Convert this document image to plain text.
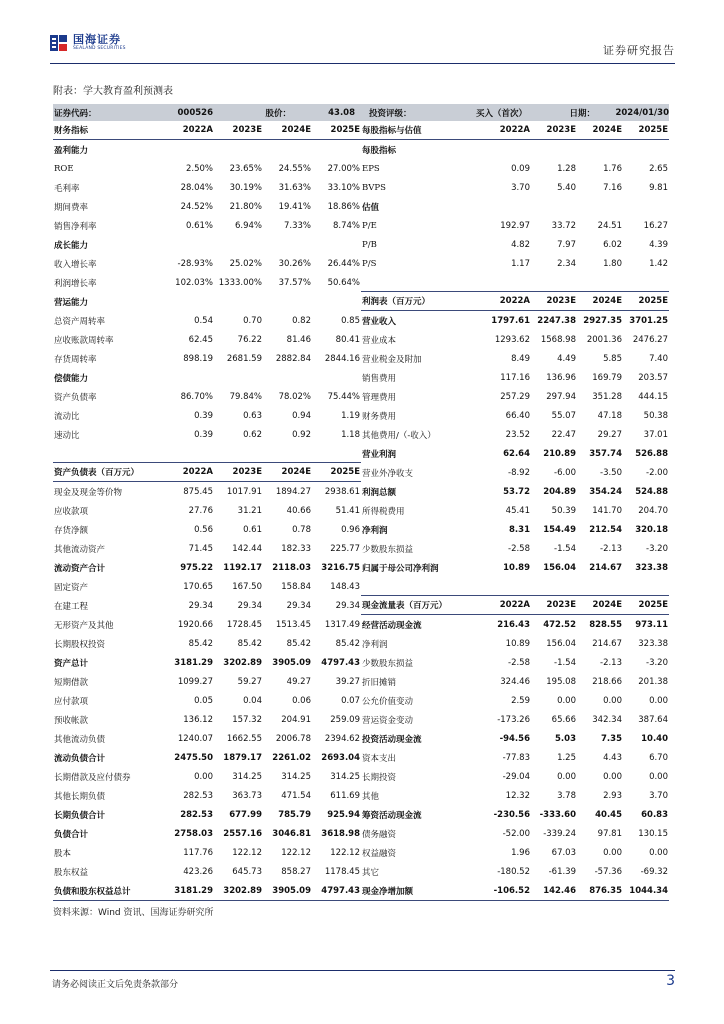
国海证券
SEALAND SECURITIES	证券研究报告
附表：学大教育盈利预测表
证券代码：	000526	股价：	43.08	投资评级：	买入（首次）	日期：	2024/01/30
财务指标	2022A	2023E	2024E	2025E
盈利能力
ROE	2.50%	23.65%	24.55%	27.00%
毛利率	28.04%	30.19%	31.63%	33.10%
期间费率	24.52%	21.80%	19.41%	18.86%
销售净利率	0.61%	6.94%	7.33%	8.74%
成长能力
收入增长率	-28.93%	25.02%	30.26%	26.44%
利润增长率	102.03% 1333.00%	37.57%	50.64%
营运能力
总资产周转率	0.54	0.70	0.82	0.85
应收账款周转率	62.45	76.22	81.46	80.41
存货周转率	898.19	2681.59	2882.84	2844.16
偿债能力
资产负债率	86.70%	79.84%	78.02%	75.44%
流动比	0.39	0.63	0.94	1.19
速动比	0.39	0.62	0.92	1.18
资产负债表（百万元）	2022A	2023E	2024E	2025E
现金及现金等价物	875.45	1017.91	1894.27	2938.61
应收款项	27.76	31.21	40.66	51.41
存货净额	0.56	0.61	0.78	0.96
其他流动资产	71.45	142.44	182.33	225.77
流动资产合计	975.22	1192.17	2118.03	3216.75
固定资产	170.65	167.50	158.84	148.43
在建工程	29.34	29.34	29.34	29.34
无形资产及其他	1920.66	1728.45	1513.45	1317.49
长期股权投资	85.42	85.42	85.42	85.42
资产总计	3181.29	3202.89	3905.09	4797.43
短期借款	1099.27	59.27	49.27	39.27
应付款项	0.05	0.04	0.06	0.07
预收帐款	136.12	157.32	204.91	259.09
其他流动负债	1240.07	1662.55	2006.78	2394.62
流动负债合计	2475.50	1879.17	2261.02	2693.04
长期借款及应付债券	0.00	314.25	314.25	314.25
其他长期负债	282.53	363.73	471.54	611.69
长期负债合计	282.53	677.99	785.79	925.94
负债合计	2758.03	2557.16	3046.81	3618.98
股本	117.76	122.12	122.12	122.12
股东权益	423.26	645.73	858.27	1178.45
负债和股东权益总计	3181.29	3202.89	3905.09	4797.43
每股指标与估值	2022A	2023E	2024E	2025E
每股指标
EPS	0.09	1.28	1.76	2.65
BVPS	3.70	5.40	7.16	9.81
估值
P/E	192.97	33.72	24.51	16.27
P/B	4.82	7.97	6.02	4.39
P/S	1.17	2.34	1.80	1.42
利润表（百万元）	2022A	2023E	2024E	2025E
营业收入	1797.61 2247.38 2927.35 3701.25
营业成本	1293.62	1568.98	2001.36	2476.27
营业税金及附加	8.49	4.49	5.85	7.40
销售费用	117.16	136.96	169.79	203.57
管理费用	257.29	297.94	351.28	444.15
财务费用	66.40	55.07	47.18	50.38
其他费用/（-收入）	23.52	22.47	29.27	37.01
营业利润	62.64	210.89	357.74	526.88
营业外净收支	-8.92	-6.00	-3.50	-2.00
利润总额	53.72	204.89	354.24	524.88
所得税费用	45.41	50.39	141.70	204.70
净利润	8.31	154.49	212.54	320.18
少数股东损益	-2.58	-1.54	-2.13	-3.20
归属于母公司净利润	10.89	156.04	214.67	323.38
现金流量表（百万元）	2022A	2023E	2024E	2025E
经营活动现金流	216.43	472.52	828.55	973.11
净利润	10.89	156.04	214.67	323.38
少数股东损益	-2.58	-1.54	-2.13	-3.20
折旧摊销	324.46	195.08	218.66	201.38
公允价值变动	2.59	0.00	0.00	0.00
营运资金变动	-173.26	65.66	342.34	387.64
投资活动现金流	-94.56	5.03	7.35	10.40
资本支出	-77.83	1.25	4.43	6.70
长期投资	-29.04	0.00	0.00	0.00
其他	12.32	3.78	2.93	3.70
筹资活动现金流	-230.56	-333.60	40.45	60.83
债务融资	-52.00	-339.24	97.81	130.15
权益融资	1.96	67.03	0.00	0.00
其它	-180.52	-61.39	-57.36	-69.32
现金净增加额	-106.52	142.46	876.35 1044.34
资料来源：Wind 资讯、国海证券研究所
请务必阅读正文后免责条款部分	3
